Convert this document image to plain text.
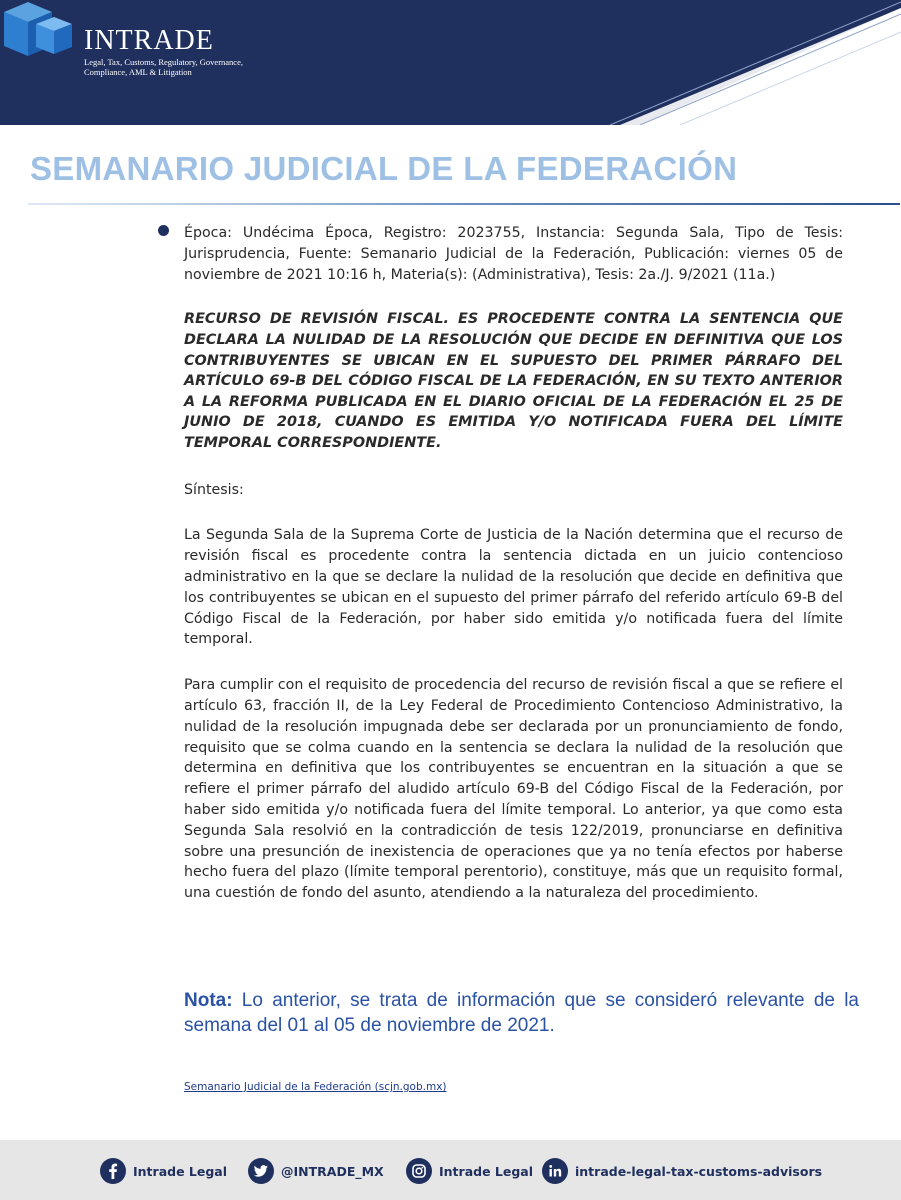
INTRADE
Legal, Tax, Customs, Regulatory, Governance, Compliance, AML & Litigation
SEMANARIO JUDICIAL DE LA FEDERACIÓN

Época: Undécima Época, Registro: 2023755, Instancia: Segunda Sala, Tipo de Tesis: Jurisprudencia, Fuente: Semanario Judicial de la Federación, Publicación: viernes 05 de noviembre de 2021 10:16 h, Materia(s): (Administrativa), Tesis: 2a./J. 9/2021 (11a.)

RECURSO DE REVISIÓN FISCAL. ES PROCEDENTE CONTRA LA SENTENCIA QUE DECLARA LA NULIDAD DE LA RESOLUCIÓN QUE DECIDE EN DEFINITIVA QUE LOS CONTRIBUYENTES SE UBICAN EN EL SUPUESTO DEL PRIMER PÁRRAFO DEL ARTÍCULO 69-B DEL CÓDIGO FISCAL DE LA FEDERACIÓN, EN SU TEXTO ANTERIOR A LA REFORMA PUBLICADA EN EL DIARIO OFICIAL DE LA FEDERACIÓN EL 25 DE JUNIO DE 2018, CUANDO ES EMITIDA Y/O NOTIFICADA FUERA DEL LÍMITE TEMPORAL CORRESPONDIENTE.

Síntesis:

La Segunda Sala de la Suprema Corte de Justicia de la Nación determina que el recurso de revisión fiscal es procedente contra la sentencia dictada en un juicio contencioso administrativo en la que se declare la nulidad de la resolución que decide en definitiva que los contribuyentes se ubican en el supuesto del primer párrafo del referido artículo 69-B del Código Fiscal de la Federación, por haber sido emitida y/o notificada fuera del límite temporal.

Para cumplir con el requisito de procedencia del recurso de revisión fiscal a que se refiere el artículo 63, fracción II, de la Ley Federal de Procedimiento Contencioso Administrativo, la nulidad de la resolución impugnada debe ser declarada por un pronunciamiento de fondo, requisito que se colma cuando en la sentencia se declara la nulidad de la resolución que determina en definitiva que los contribuyentes se encuentran en la situación a que se refiere el primer párrafo del aludido artículo 69-B del Código Fiscal de la Federación, por haber sido emitida y/o notificada fuera del límite temporal. Lo anterior, ya que como esta Segunda Sala resolvió en la contradicción de tesis 122/2019, pronunciarse en definitiva sobre una presunción de inexistencia de operaciones que ya no tenía efectos por haberse hecho fuera del plazo (límite temporal perentorio), constituye, más que un requisito formal, una cuestión de fondo del asunto, atendiendo a la naturaleza del procedimiento.

Nota: Lo anterior, se trata de información que se consideró relevante de la semana del 01 al 05 de noviembre de 2021.
Semanario Judicial de la Federación (scjn.gob.mx)
Intrade Legal	@INTRADE_MX	Intrade Legal	intrade-legal-tax-customs-advisors
